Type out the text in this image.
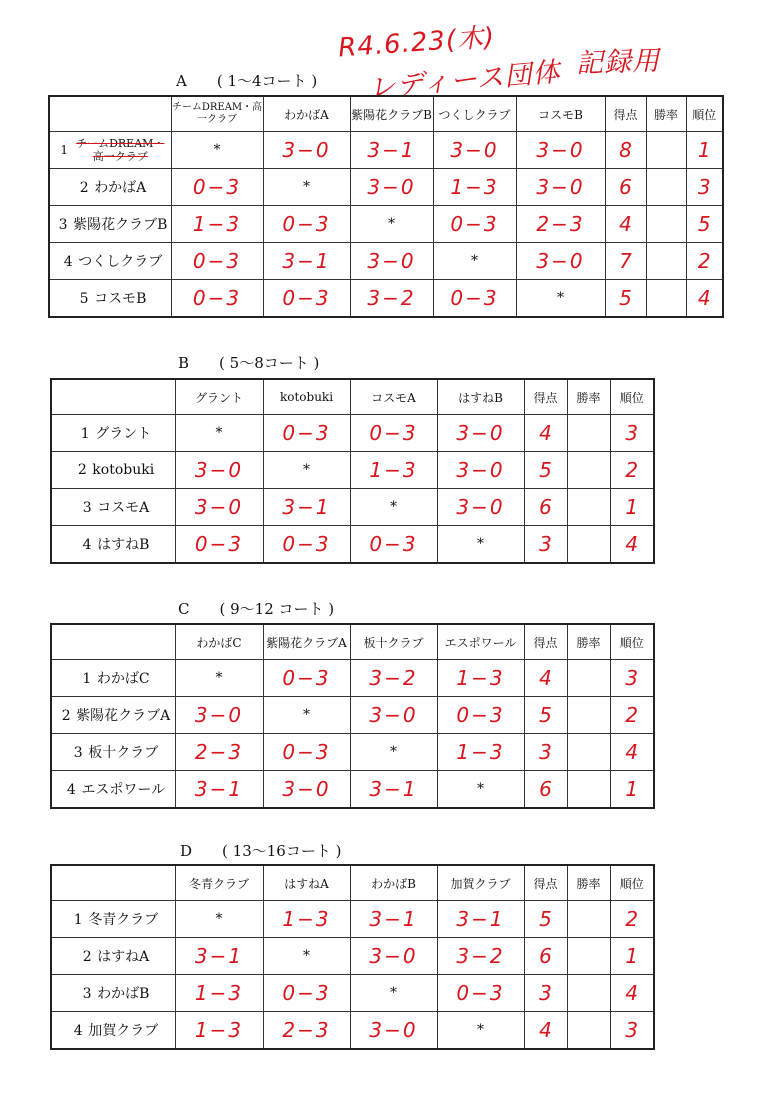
R4.6.23(木)
レディース団体 記録用
A ( 1〜4コート )
	チームDREAM・高一クラブ	わかばA	紫陽花クラブB	つくしクラブ	コスモB	得点	勝率	順位
1 チームDREAM・高一クラブ	*	3−0	3−1	3−0	3−0	8		1
2 わかばA	0−3	*	3−0	1−3	3−0	6		3
3 紫陽花クラブB	1−3	0−3	*	0−3	2−3	4		5
4 つくしクラブ	0−3	3−1	3−0	*	3−0	7		2
5 コスモB	0−3	0−3	3−2	0−3	*	5		4
B ( 5〜8コート )
	グラント	kotobuki	コスモA	はすねB	得点	勝率	順位
1 グラント	*	0−3	0−3	3−0	4		3
2 kotobuki	3−0	*	1−3	3−0	5		2
3 コスモA	3−0	3−1	*	3−0	6		1
4 はすねB	0−3	0−3	0−3	*	3		4
C ( 9〜12 コート )
	わかばC	紫陽花クラブA	板十クラブ	エスポワール	得点	勝率	順位
1 わかばC	*	0−3	3−2	1−3	4		3
2 紫陽花クラブA	3−0	*	3−0	0−3	5		2
3 板十クラブ	2−3	0−3	*	1−3	3		4
4 エスポワール	3−1	3−0	3−1	*	6		1
D ( 13〜16コート )
	冬青クラブ	はすねA	わかばB	加賀クラブ	得点	勝率	順位
1 冬青クラブ	*	1−3	3−1	3−1	5		2
2 はすねA	3−1	*	3−0	3−2	6		1
3 わかばB	1−3	0−3	*	0−3	3		4
4 加賀クラブ	1−3	2−3	3−0	*	4		3
